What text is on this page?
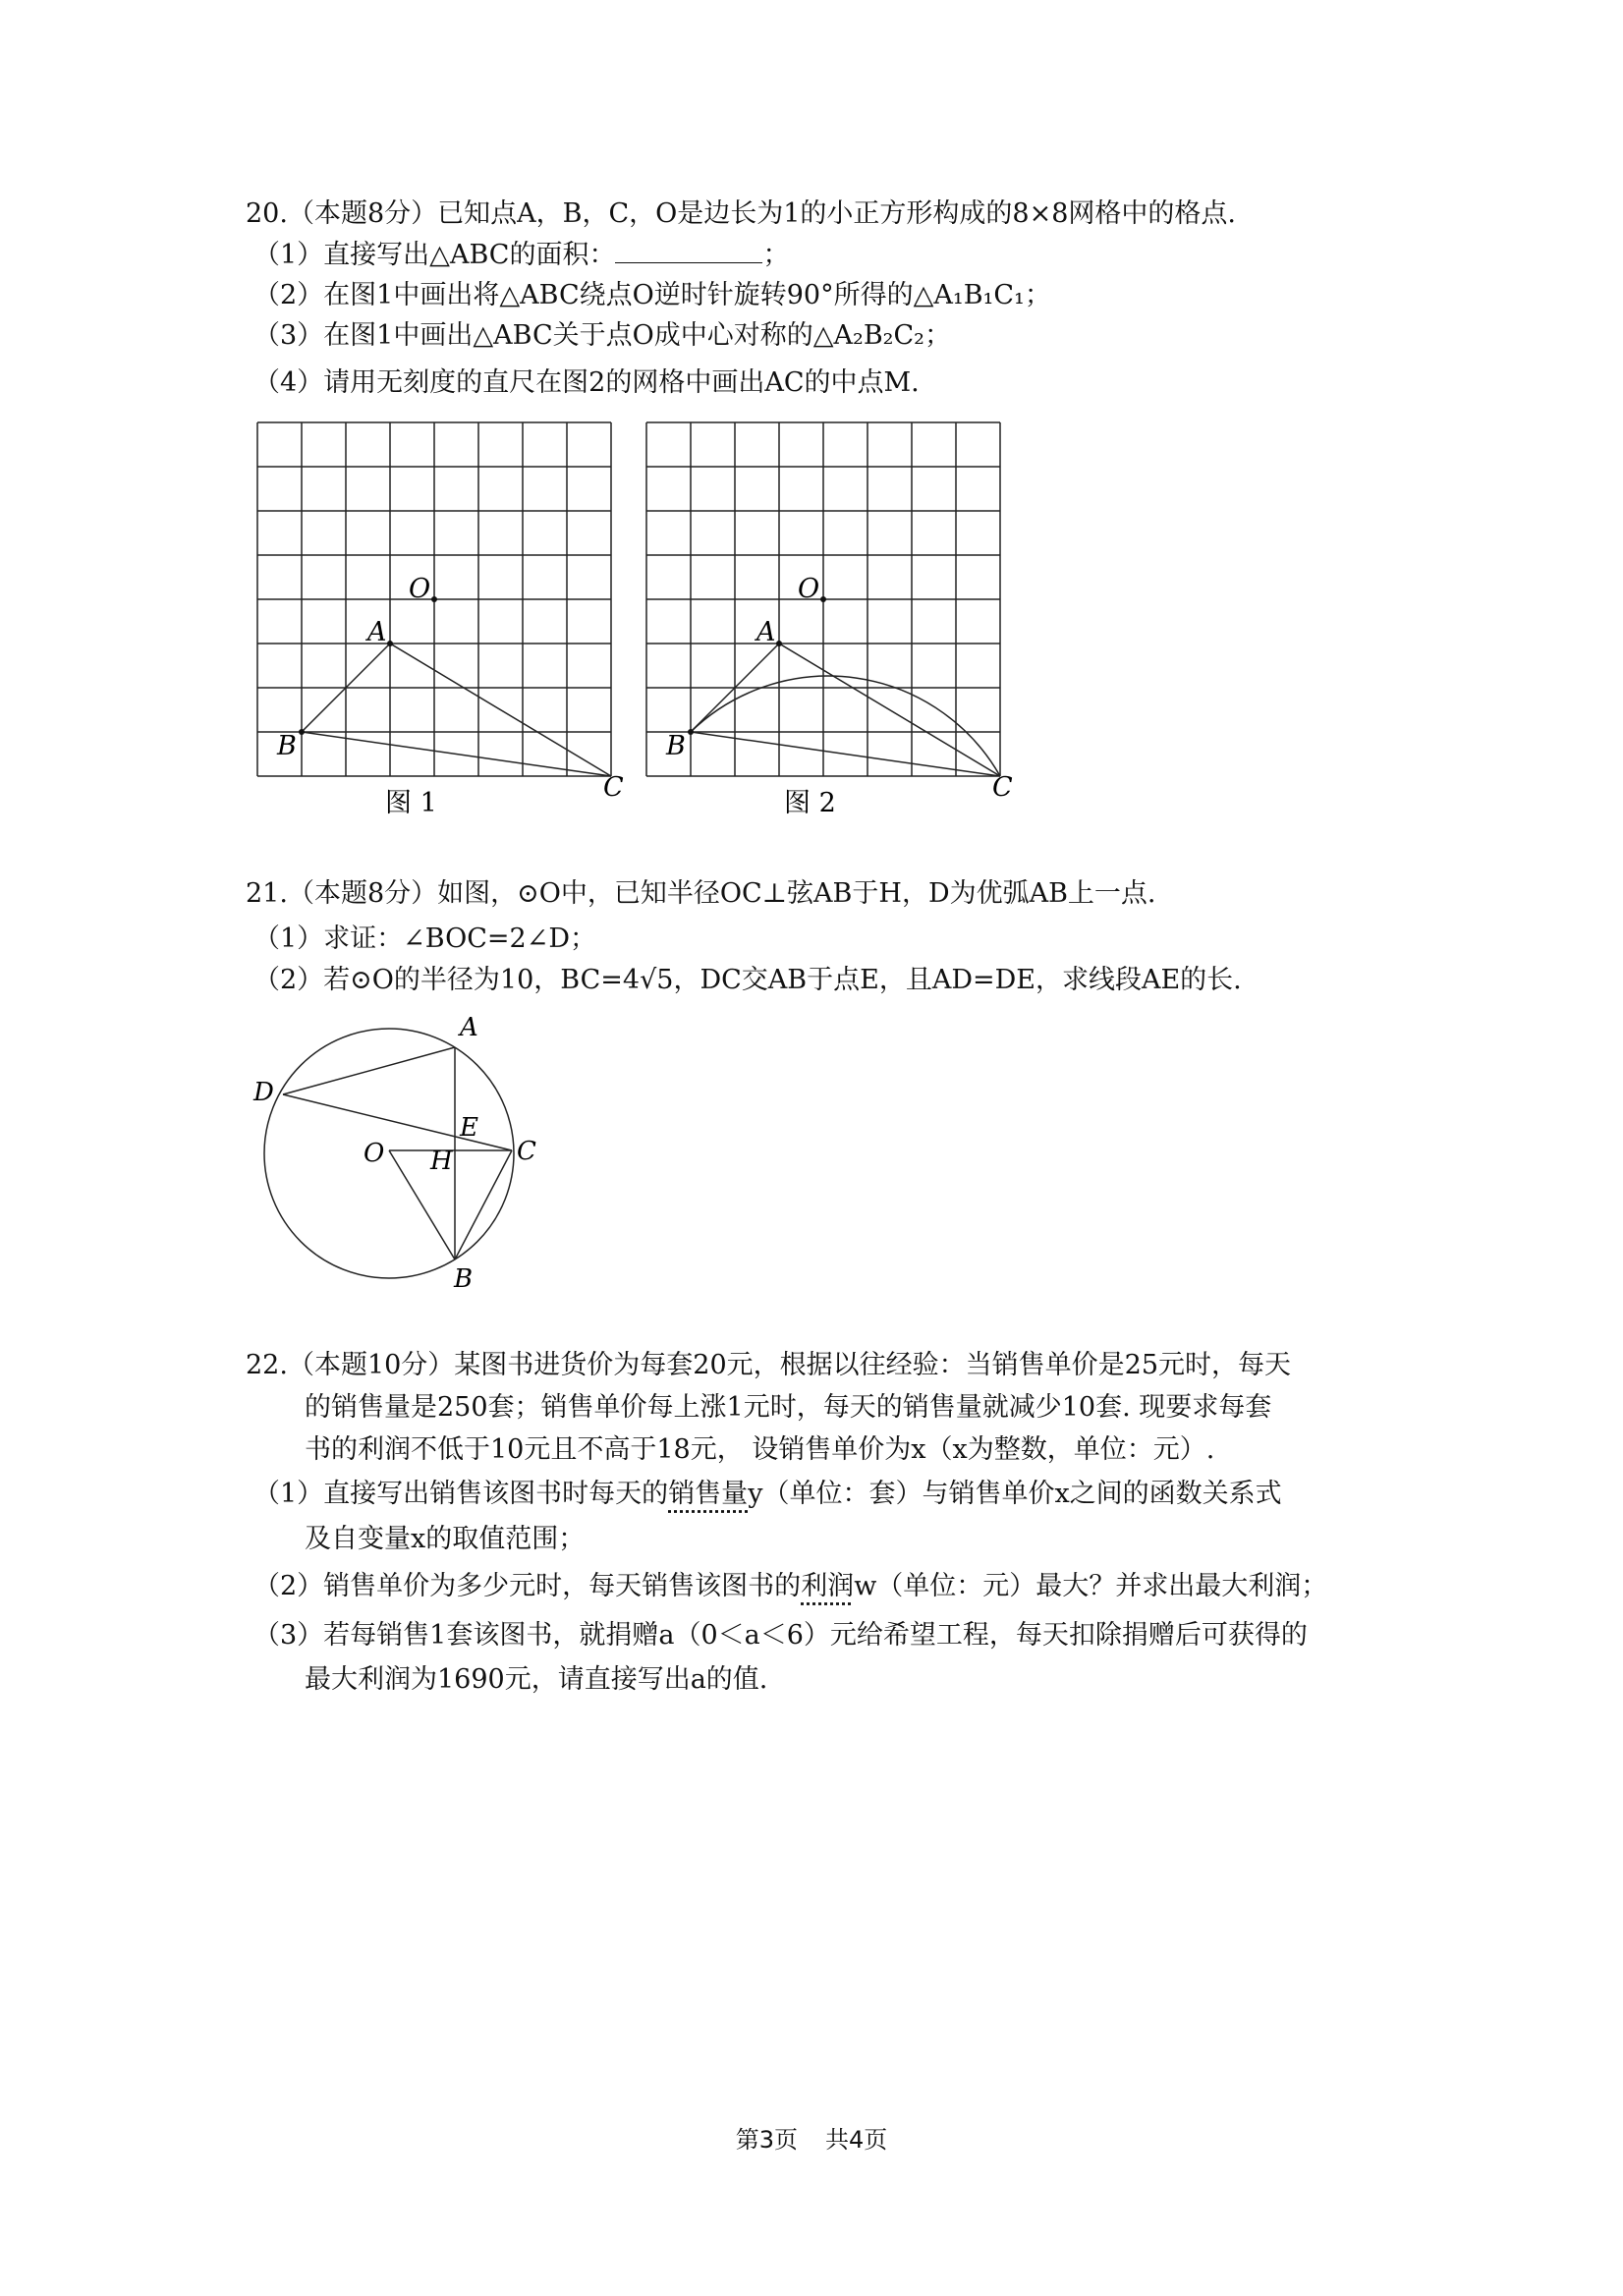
20.（本题8分）已知点A，B，C，O是边长为1的小正方形构成的8×8网格中的格点.
（1）直接写出△ABC的面积：	；
（2）在图1中画出将△ABC绕点O逆时针旋转90°所得的△A₁B₁C₁；
（3）在图1中画出△ABC关于点O成中心对称的△A₂B₂C₂；
（4）请用无刻度的直尺在图2的网格中画出AC的中点M.
O
A
B
C
图 1
O
A
B
C
图 2
21.（本题8分）如图，⊙O中，已知半径OC⊥弦AB于H，D为优弧AB上一点.
（1）求证：∠BOC=2∠D；
（2）若⊙O的半径为10，BC=4√5，DC交AB于点E，且AD=DE，求线段AE的长.
A
D
E
C
O H
B
22.（本题10分）某图书进货价为每套20元，根据以往经验：当销售单价是25元时，每天
的销售量是250套；销售单价每上涨1元时，每天的销售量就减少10套. 现要求每套
书的利润不低于10元且不高于18元， 设销售单价为x（x为整数，单位：元）.
（1）直接写出销售该图书时每天的销售量y（单位：套）与销售单价x之间的函数关系式
及自变量x的取值范围；
（2）销售单价为多少元时，每天销售该图书的利润w（单位：元）最大？并求出最大利润；
（3）若每销售1套该图书，就捐赠a（0＜a＜6）元给希望工程，每天扣除捐赠后可获得的
最大利润为1690元，请直接写出a的值.
第3页 共4页
